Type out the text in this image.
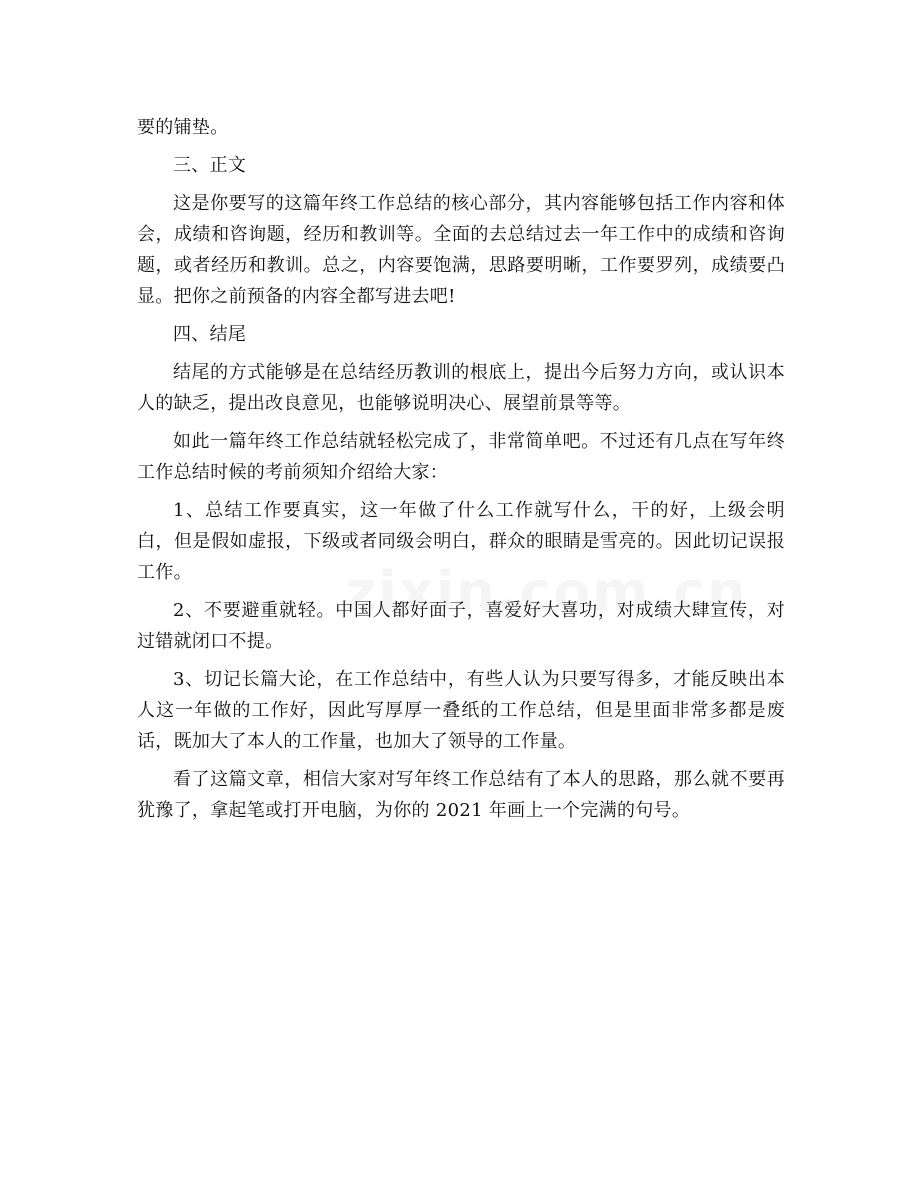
要的铺垫。

三、正文

这是你要写的这篇年终工作总结的核心部分，其内容能够包括工作内容和体会，成绩和咨询题，经历和教训等。全面的去总结过去一年工作中的成绩和咨询题，或者经历和教训。总之，内容要饱满，思路要明晰，工作要罗列，成绩要凸显。把你之前预备的内容全都写进去吧!

四、结尾

结尾的方式能够是在总结经历教训的根底上，提出今后努力方向，或认识本人的缺乏，提出改良意见，也能够说明决心、展望前景等等。

如此一篇年终工作总结就轻松完成了，非常简单吧。不过还有几点在写年终工作总结时候的考前须知介绍给大家：

1、总结工作要真实，这一年做了什么工作就写什么，干的好，上级会明白，但是假如虚报，下级或者同级会明白，群众的眼睛是雪亮的。因此切记误报工作。

2、不要避重就轻。中国人都好面子，喜爱好大喜功，对成绩大肆宣传，对过错就闭口不提。

3、切记长篇大论，在工作总结中，有些人认为只要写得多，才能反映出本人这一年做的工作好，因此写厚厚一叠纸的工作总结，但是里面非常多都是废话，既加大了本人的工作量，也加大了领导的工作量。

看了这篇文章，相信大家对写年终工作总结有了本人的思路，那么就不要再犹豫了，拿起笔或打开电脑，为你的 2021 年画上一个完满的句号。
